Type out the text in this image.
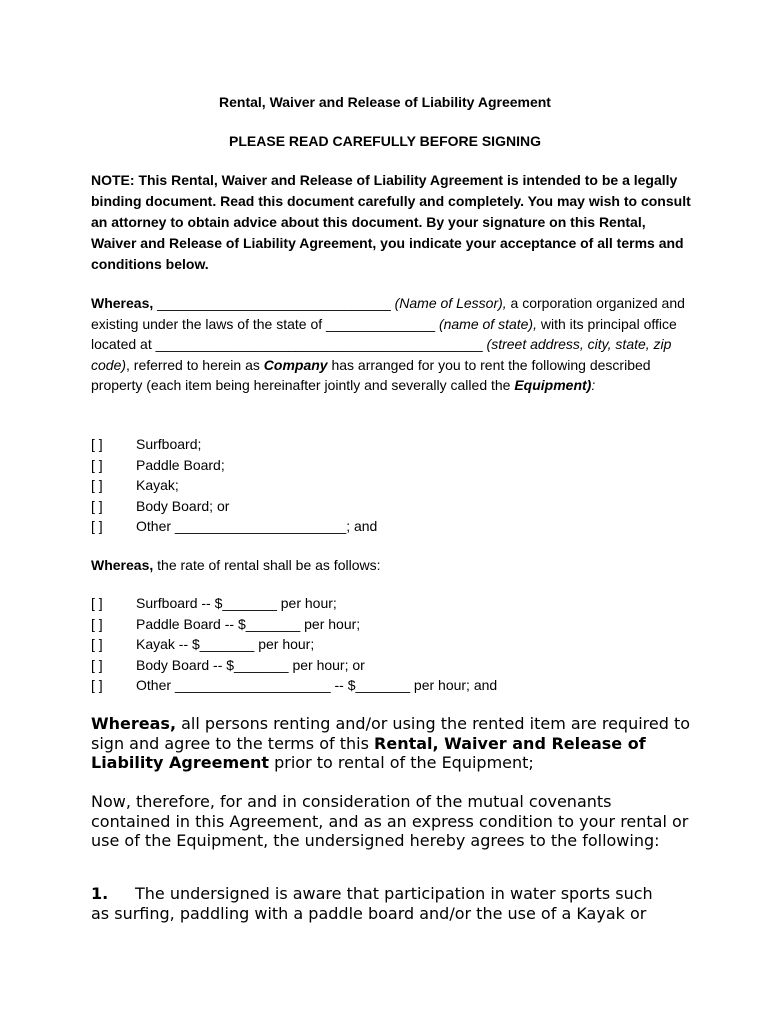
Rental, Waiver and Release of Liability Agreement
PLEASE READ CAREFULLY BEFORE SIGNING
NOTE: This Rental, Waiver and Release of Liability Agreement is intended to be a legally binding document. Read this document carefully and completely. You may wish to consult an attorney to obtain advice about this document. By your signature on this Rental, Waiver and Release of Liability Agreement, you indicate your acceptance of all terms and conditions below.
Whereas, ______________________________ (Name of Lessor), a corporation organized and existing under the laws of the state of ______________ (name of state), with its principal office located at __________________________________________ (street address, city, state, zip code), referred to herein as Company has arranged for you to rent the following described property (each item being hereinafter jointly and severally called the Equipment):
[ ] Surfboard;
[ ] Paddle Board;
[ ] Kayak;
[ ] Body Board; or
[ ] Other ______________________; and
Whereas, the rate of rental shall be as follows:
[ ] Surfboard -- $_______ per hour;
[ ] Paddle Board -- $_______ per hour;
[ ] Kayak -- $_______ per hour;
[ ] Body Board -- $_______ per hour; or
[ ] Other ____________________ -- $_______ per hour; and
Whereas, all persons renting and/or using the rented item are required to sign and agree to the terms of this Rental, Waiver and Release of Liability Agreement prior to rental of the Equipment;
Now, therefore, for and in consideration of the mutual covenants contained in this Agreement, and as an express condition to your rental or use of the Equipment, the undersigned hereby agrees to the following:
1. The undersigned is aware that participation in water sports such
as surfing, paddling with a paddle board and/or the use of a Kayak or
